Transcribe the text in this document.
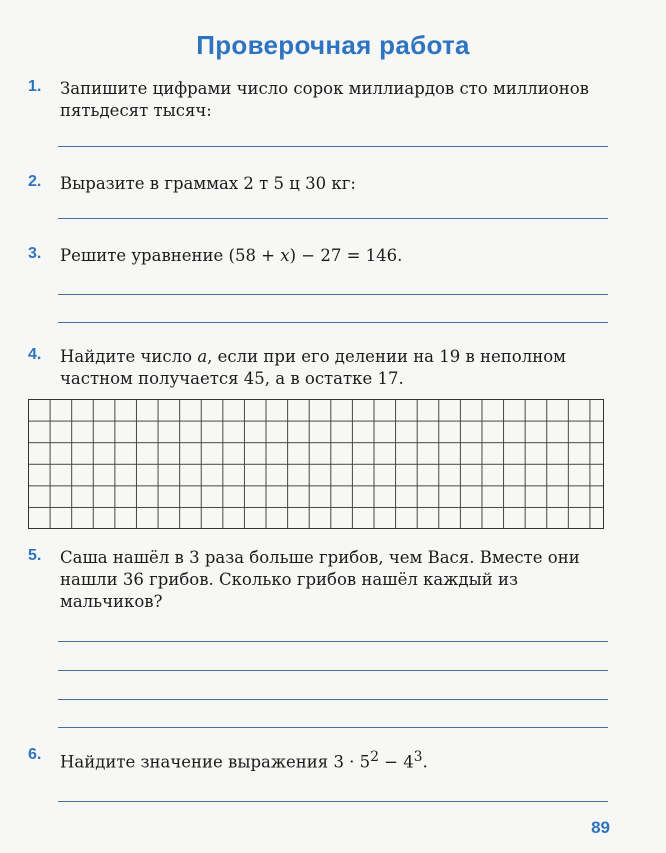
Проверочная работа
1. Запишите цифрами число сорок миллиардов сто миллионов пятьдесят тысяч:
2. Выразите в граммах 2 т 5 ц 30 кг:
3. Решите уравнение (58 + x) − 27 = 146.
4. Найдите число a, если при его делении на 19 в неполном частном получается 45, а в остатке 17.
5. Саша нашёл в 3 раза больше грибов, чем Вася. Вместе они нашли 36 грибов. Сколько грибов нашёл каждый из мальчиков?
6. Найдите значение выражения $3 \cdot 5^2 - 4^3$.
89
